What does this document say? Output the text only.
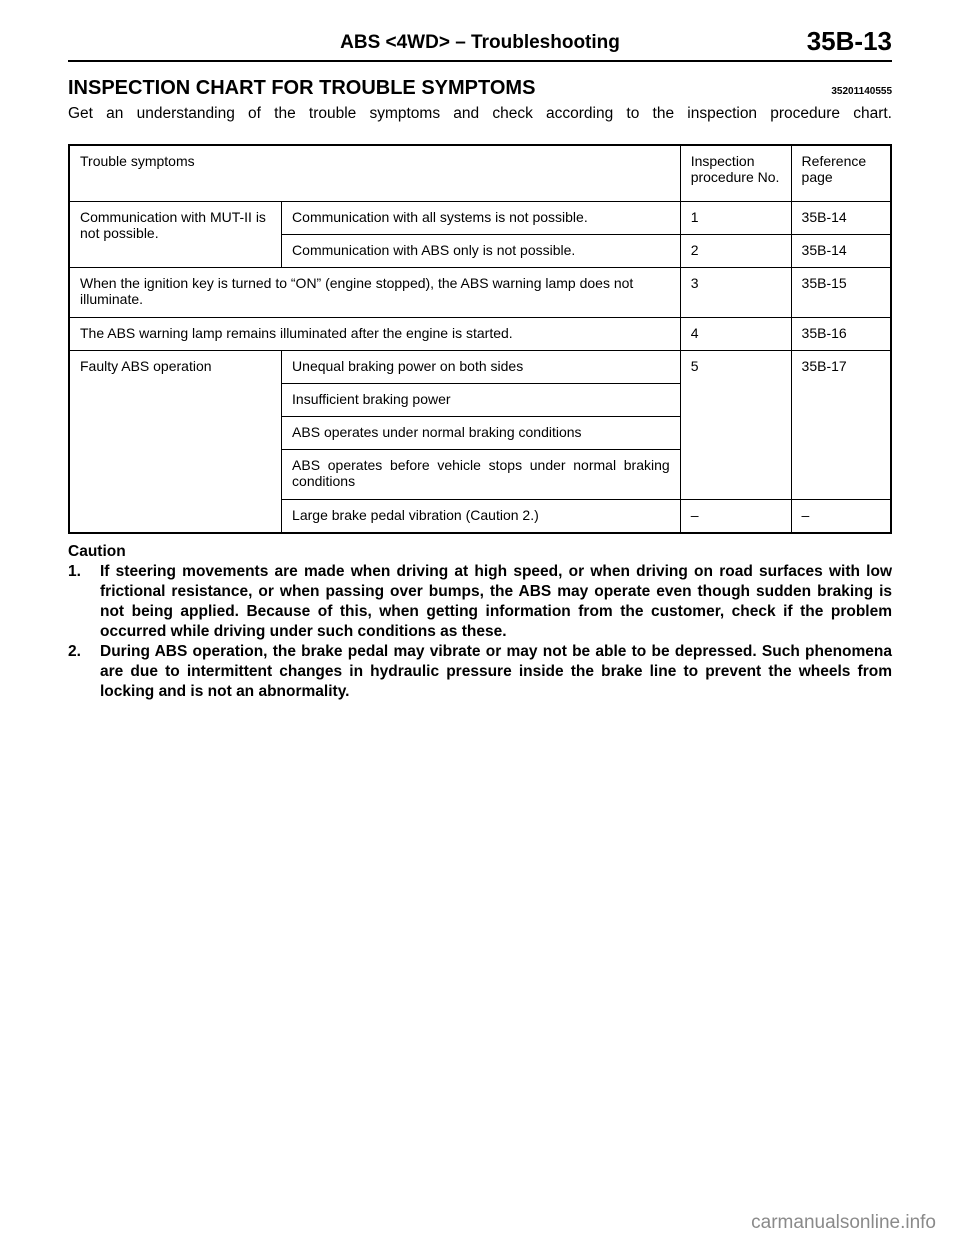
ABS <4WD> – Troubleshooting	35B-13
INSPECTION CHART FOR TROUBLE SYMPTOMS	35201140555
Get an understanding of the trouble symptoms and check according to the inspection procedure chart.
Trouble symptoms		Inspection procedure No.	Reference page
Communication with MUT-II is not possible.	Communication with all systems is not possible.	1	35B-14
	Communication with ABS only is not possible.	2	35B-14
When the ignition key is turned to “ON” (engine stopped), the ABS warning lamp does not illuminate.		3	35B-15
The ABS warning lamp remains illuminated after the engine is started.		4	35B-16
Faulty ABS operation	Unequal braking power on both sides	5	35B-17
	Insufficient braking power		
	ABS operates under normal braking conditions		
	ABS operates before vehicle stops under normal braking conditions		
	Large brake pedal vibration (Caution 2.)	–	–
Caution
1. If steering movements are made when driving at high speed, or when driving on road surfaces with low frictional resistance, or when passing over bumps, the ABS may operate even though sudden braking is not being applied. Because of this, when getting information from the customer, check if the problem occurred while driving under such conditions as these.
2. During ABS operation, the brake pedal may vibrate or may not be able to be depressed. Such phenomena are due to intermittent changes in hydraulic pressure inside the brake line to prevent the wheels from locking and is not an abnormality.
carmanualsonline.info
